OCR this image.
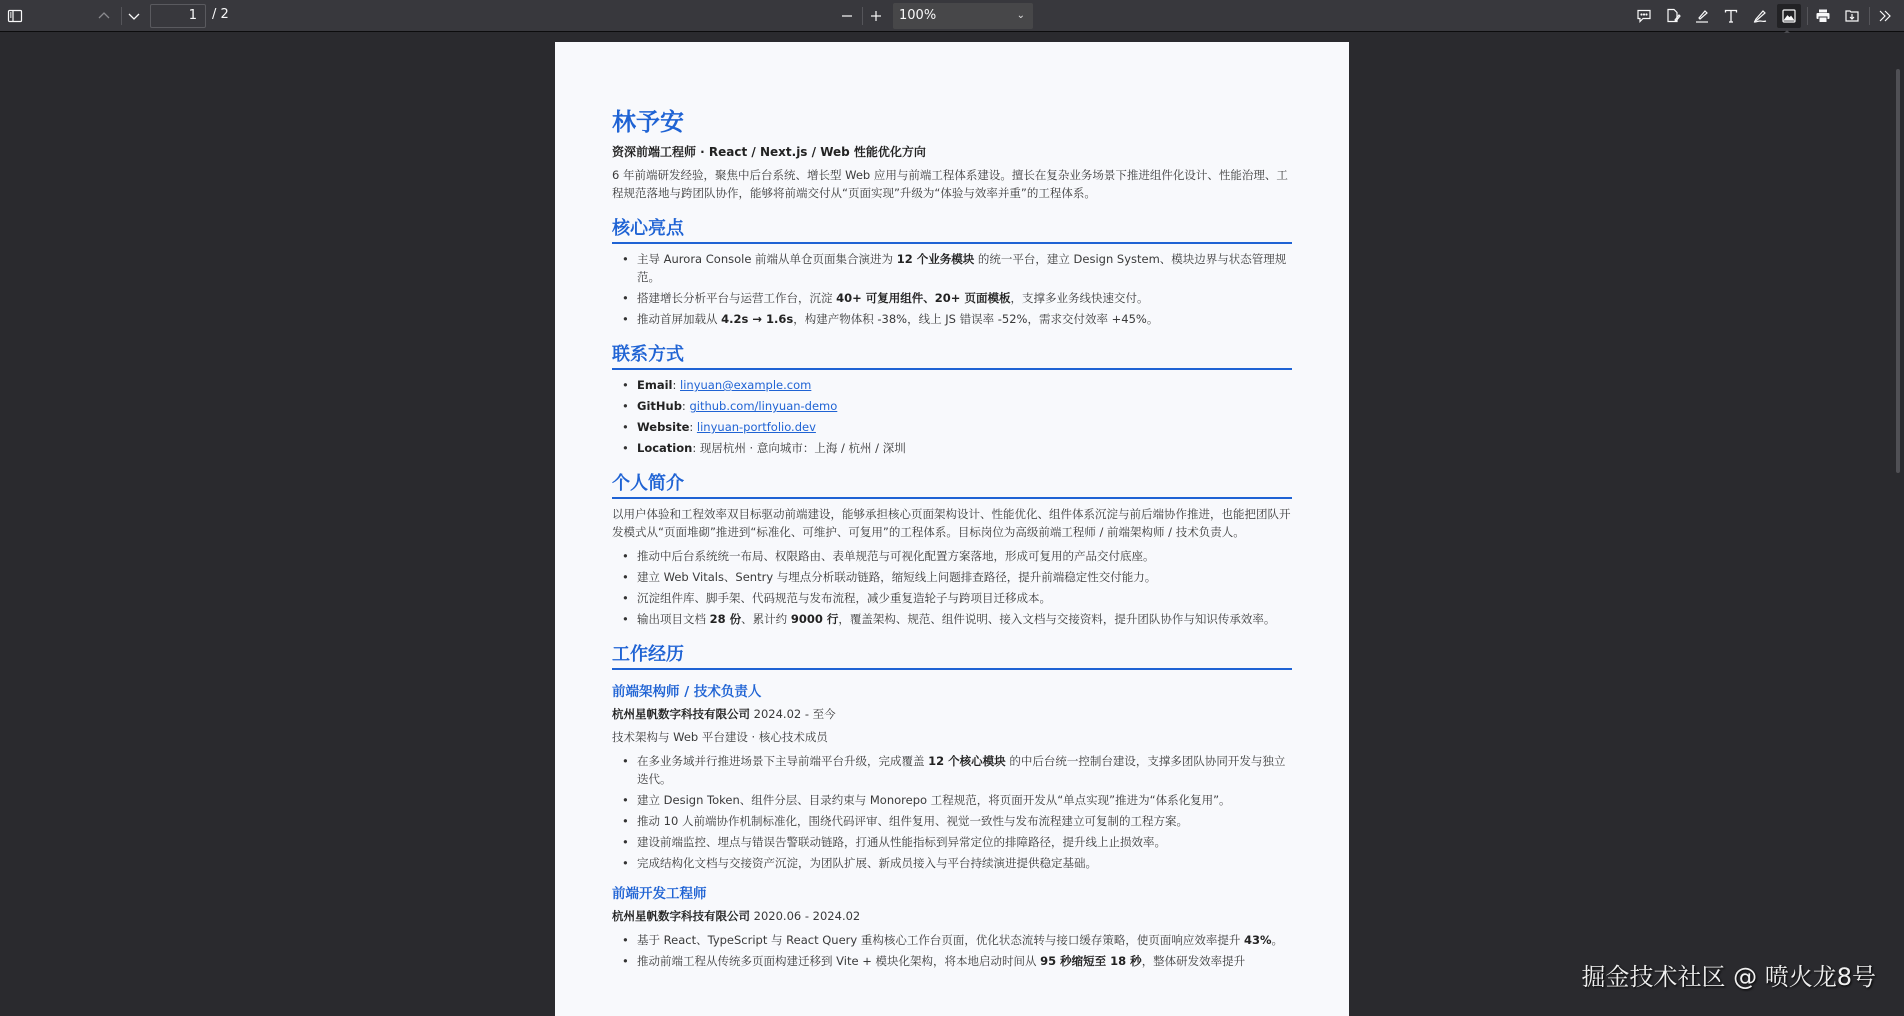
1	/ 2	100%	⌄
林予安
资深前端工程师 · React / Next.js / Web 性能优化方向
6 年前端研发经验，聚焦中后台系统、增长型 Web 应用与前端工程体系建设。擅长在复杂业务场景下推进组件化设计、性能治理、工程规范落地与跨团队协作，能够将前端交付从“页面实现”升级为“体验与效率并重”的工程体系。
核心亮点
• 主导 Aurora Console 前端从单仓页面集合演进为 12 个业务模块 的统一平台，建立 Design System、模块边界与状态管理规范。
• 搭建增长分析平台与运营工作台，沉淀 40+ 可复用组件、20+ 页面模板，支撑多业务线快速交付。
• 推动首屏加载从 4.2s → 1.6s，构建产物体积 -38%，线上 JS 错误率 -52%，需求交付效率 +45%。
联系方式
• Email: linyuan@example.com
• GitHub: github.com/linyuan-demo
• Website: linyuan-portfolio.dev
• Location: 现居杭州 · 意向城市：上海 / 杭州 / 深圳
个人简介
以用户体验和工程效率双目标驱动前端建设，能够承担核心页面架构设计、性能优化、组件体系沉淀与前后端协作推进，也能把团队开发模式从“页面堆砌”推进到“标准化、可维护、可复用”的工程体系。目标岗位为高级前端工程师 / 前端架构师 / 技术负责人。
• 推动中后台系统统一布局、权限路由、表单规范与可视化配置方案落地，形成可复用的产品交付底座。
• 建立 Web Vitals、Sentry 与埋点分析联动链路，缩短线上问题排查路径，提升前端稳定性交付能力。
• 沉淀组件库、脚手架、代码规范与发布流程，减少重复造轮子与跨项目迁移成本。
• 输出项目文档 28 份、累计约 9000 行，覆盖架构、规范、组件说明、接入文档与交接资料，提升团队协作与知识传承效率。
工作经历
前端架构师 / 技术负责人
杭州星帆数字科技有限公司 2024.02 - 至今
技术架构与 Web 平台建设 · 核心技术成员
• 在多业务域并行推进场景下主导前端平台升级，完成覆盖 12 个核心模块 的中后台统一控制台建设，支撑多团队协同开发与独立迭代。
• 建立 Design Token、组件分层、目录约束与 Monorepo 工程规范，将页面开发从“单点实现”推进为“体系化复用”。
• 推动 10 人前端协作机制标准化，围绕代码评审、组件复用、视觉一致性与发布流程建立可复制的工程方案。
• 建设前端监控、埋点与错误告警联动链路，打通从性能指标到异常定位的排障路径，提升线上止损效率。
• 完成结构化文档与交接资产沉淀，为团队扩展、新成员接入与平台持续演进提供稳定基础。
前端开发工程师
杭州星帆数字科技有限公司 2020.06 - 2024.02
• 基于 React、TypeScript 与 React Query 重构核心工作台页面，优化状态流转与接口缓存策略，使页面响应效率提升 43%。
• 推动前端工程从传统多页面构建迁移到 Vite + 模块化架构，将本地启动时间从 95 秒缩短至 18 秒，整体研发效率提升
掘金技术社区 @ 喷火龙8号
